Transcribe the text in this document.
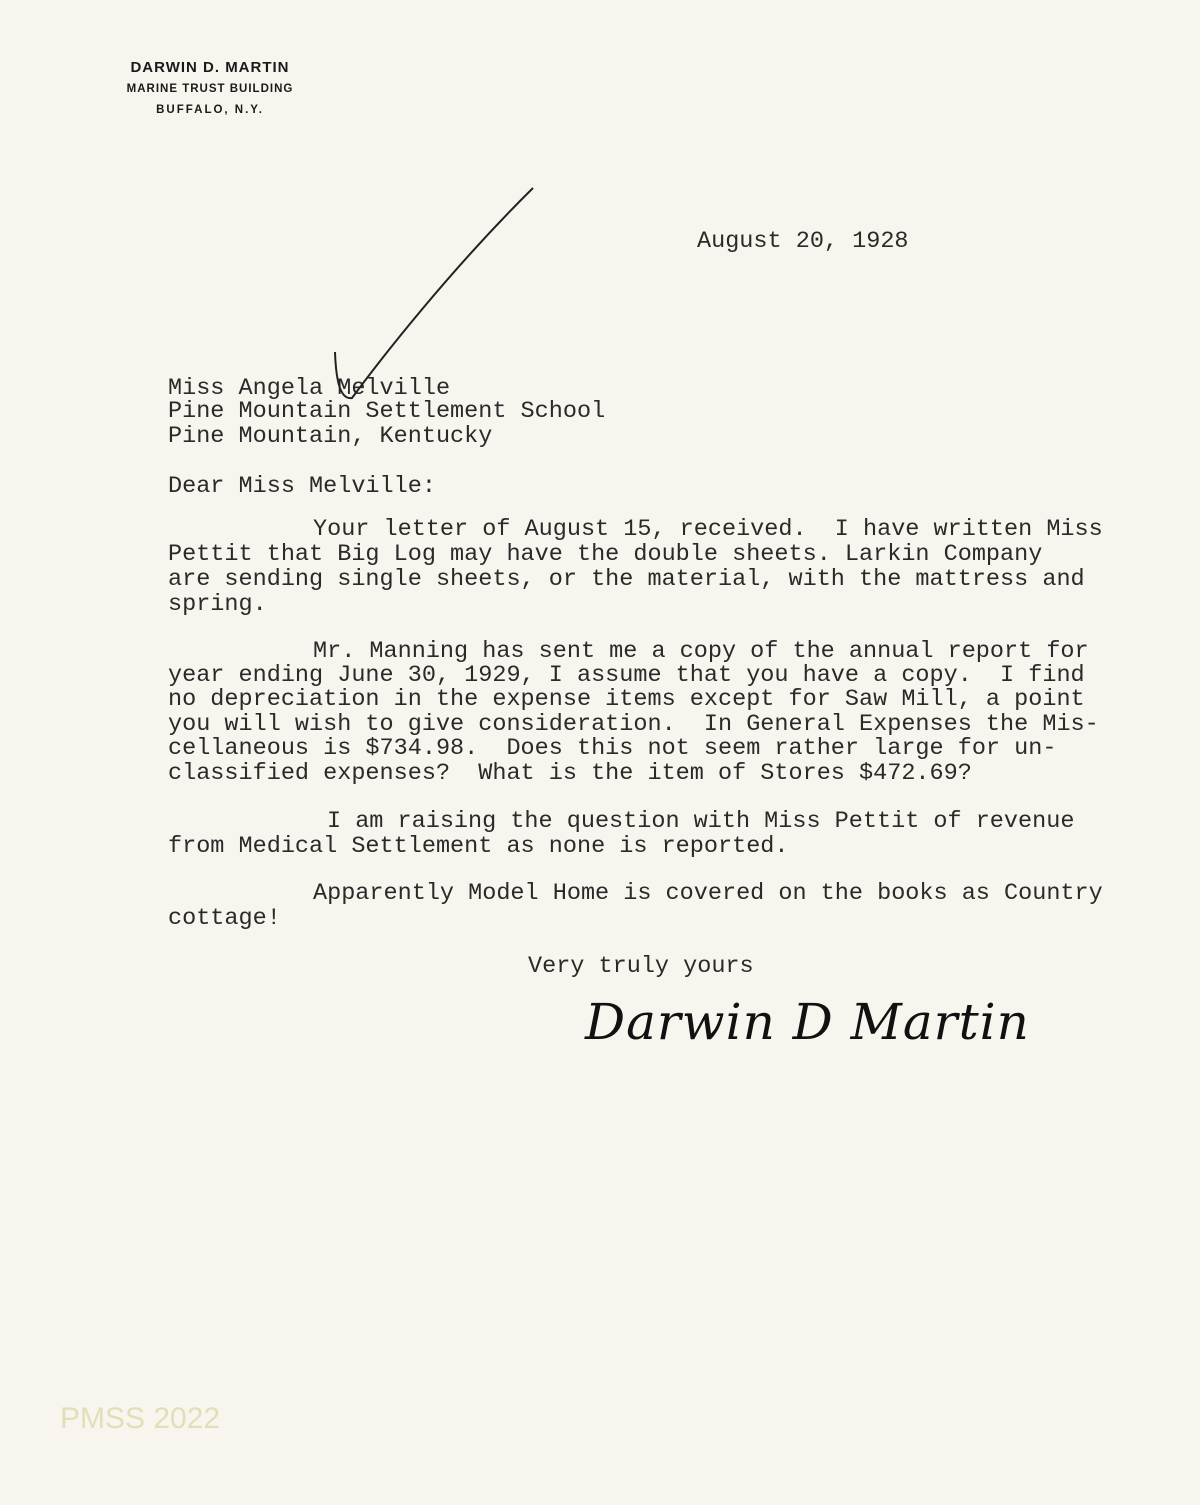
DARWIN D. MARTIN
MARINE TRUST BUILDING
BUFFALO, N.Y.
August 20, 1928
Miss Angela Melville
Pine Mountain Settlement School
Pine Mountain, Kentucky
Dear Miss Melville:
Your letter of August 15, received.  I have written Miss
Pettit that Big Log may have the double sheets. Larkin Company
are sending single sheets, or the material, with the mattress and
spring.
Mr. Manning has sent me a copy of the annual report for
year ending June 30, 1929, I assume that you have a copy.  I find
no depreciation in the expense items except for Saw Mill, a point
you will wish to give consideration.  In General Expenses the Mis-
cellaneous is $734.98.  Does this not seem rather large for un-
classified expenses?  What is the item of Stores $472.69?
I am raising the question with Miss Pettit of revenue
from Medical Settlement as none is reported.
Apparently Model Home is covered on the books as Country
cottage!
Very truly yours
Darwin D Martin
PMSS 2022
